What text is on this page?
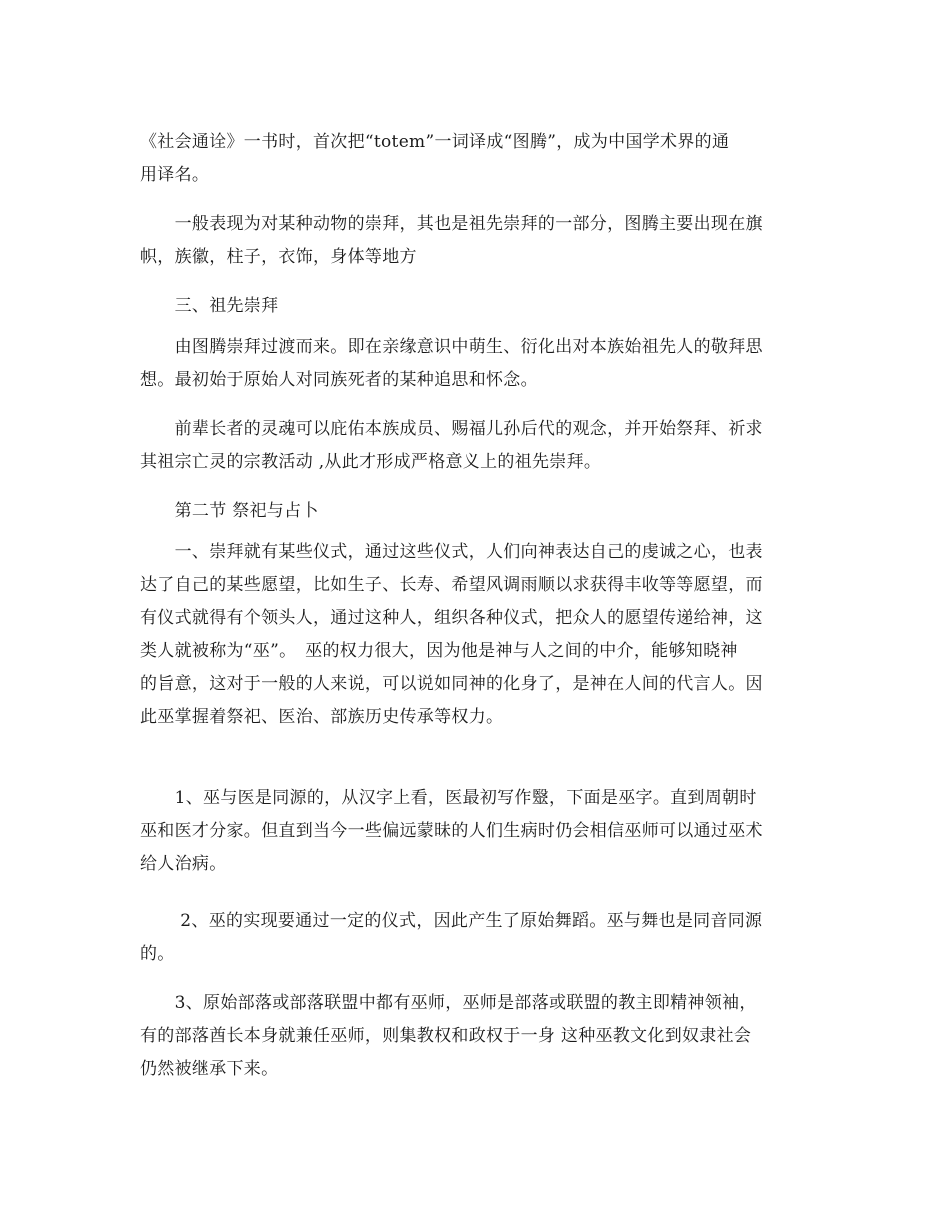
《社会通诠》一书时，首次把“totem”一词译成“图腾”，成为中国学术界的通
用译名。
　　一般表现为对某种动物的崇拜，其也是祖先崇拜的一部分，图腾主要出现在旗
帜，族徽，柱子，衣饰，身体等地方
　　三、祖先崇拜
　　由图腾崇拜过渡而来。即在亲缘意识中萌生、衍化出对本族始祖先人的敬拜思
想。最初始于原始人对同族死者的某种追思和怀念。
　　前辈长者的灵魂可以庇佑本族成员、赐福儿孙后代的观念，并开始祭拜、祈求
其祖宗亡灵的宗教活动 ,从此才形成严格意义上的祖先崇拜。
　　第二节 祭祀与占卜
　　一、崇拜就有某些仪式，通过这些仪式，人们向神表达自己的虔诚之心，也表
达了自己的某些愿望，比如生子、长寿、希望风调雨顺以求获得丰收等等愿望，而
有仪式就得有个领头人，通过这种人，组织各种仪式，把众人的愿望传递给神，这
类人就被称为“巫”。　巫的权力很大，因为他是神与人之间的中介，能够知晓神
的旨意，这对于一般的人来说，可以说如同神的化身了，是神在人间的代言人。因
此巫掌握着祭祀、医治、部族历史传承等权力。
　　1、巫与医是同源的，从汉字上看，医最初写作毉，下面是巫字。直到周朝时
巫和医才分家。但直到当今一些偏远蒙昧的人们生病时仍会相信巫师可以通过巫术
给人治病。
　　 2、巫的实现要通过一定的仪式，因此产生了原始舞蹈。巫与舞也是同音同源
的。
　　3、原始部落或部落联盟中都有巫师，巫师是部落或联盟的教主即精神领袖，
有的部落酋长本身就兼任巫师，则集教权和政权于一身 这种巫教文化到奴隶社会
仍然被继承下来。
